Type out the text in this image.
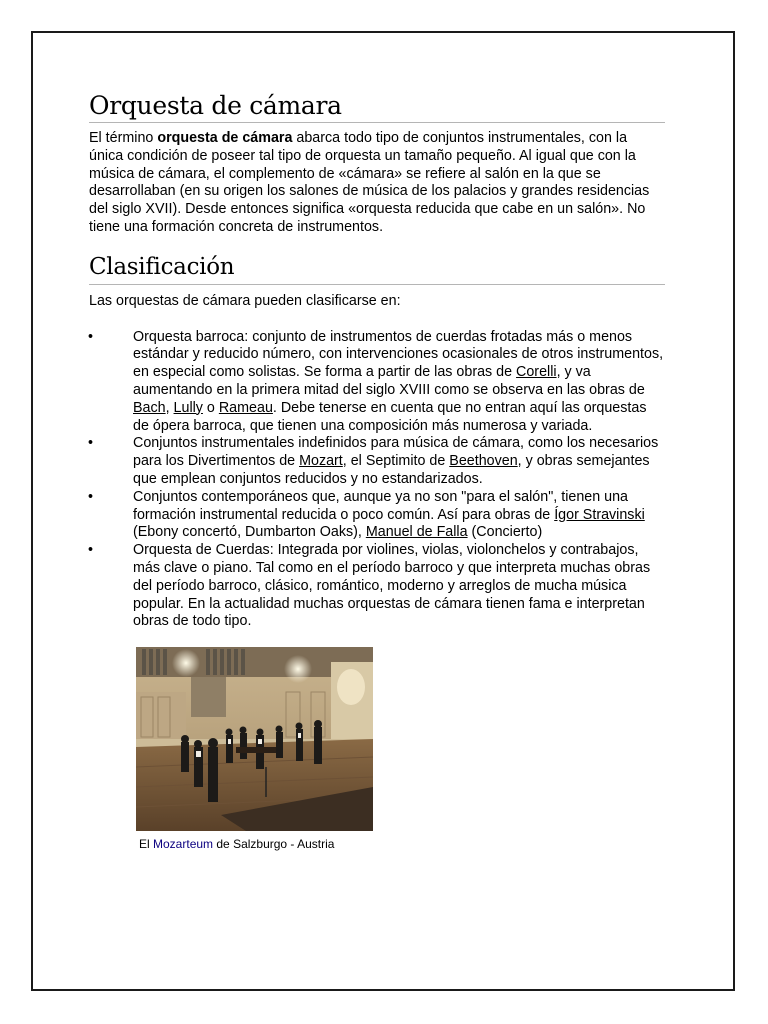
Orquesta de cámara

El término orquesta de cámara abarca todo tipo de conjuntos instrumentales, con la única condición de poseer tal tipo de orquesta un tamaño pequeño. Al igual que con la música de cámara, el complemento de «cámara» se refiere al salón en la que se desarrollaban (en su origen los salones de música de los palacios y grandes residencias del siglo XVII). Desde entonces significa «orquesta reducida que cabe en un salón». No tiene una formación concreta de instrumentos.

Clasificación

Las orquestas de cámara pueden clasificarse en:

•	Orquesta barroca: conjunto de instrumentos de cuerdas frotadas más o menos estándar y reducido número, con intervenciones ocasionales de otros instrumentos, en especial como solistas. Se forma a partir de las obras de Corelli, y va aumentando en la primera mitad del siglo XVIII como se observa en las obras de Bach, Lully o Rameau. Debe tenerse en cuenta que no entran aquí las orquestas de ópera barroca, que tienen una composición más numerosa y variada.
•	Conjuntos instrumentales indefinidos para música de cámara, como los necesarios para los Divertimentos de Mozart, el Septimito de Beethoven, y obras semejantes que emplean conjuntos reducidos y no estandarizados.
•	Conjuntos contemporáneos que, aunque ya no son "para el salón", tienen una formación instrumental reducida o poco común. Así para obras de Ígor Stravinski (Ebony concertó, Dumbarton Oaks), Manuel de Falla (Concierto)
•	Orquesta de Cuerdas: Integrada por violines, violas, violonchelos y contrabajos, más clave o piano. Tal como en el período barroco y que interpreta muchas obras del período barroco, clásico, romántico, moderno y arreglos de mucha música popular. En la actualidad muchas orquestas de cámara tienen fama e interpretan obras de todo tipo.
El Mozarteum de Salzburgo - Austria
